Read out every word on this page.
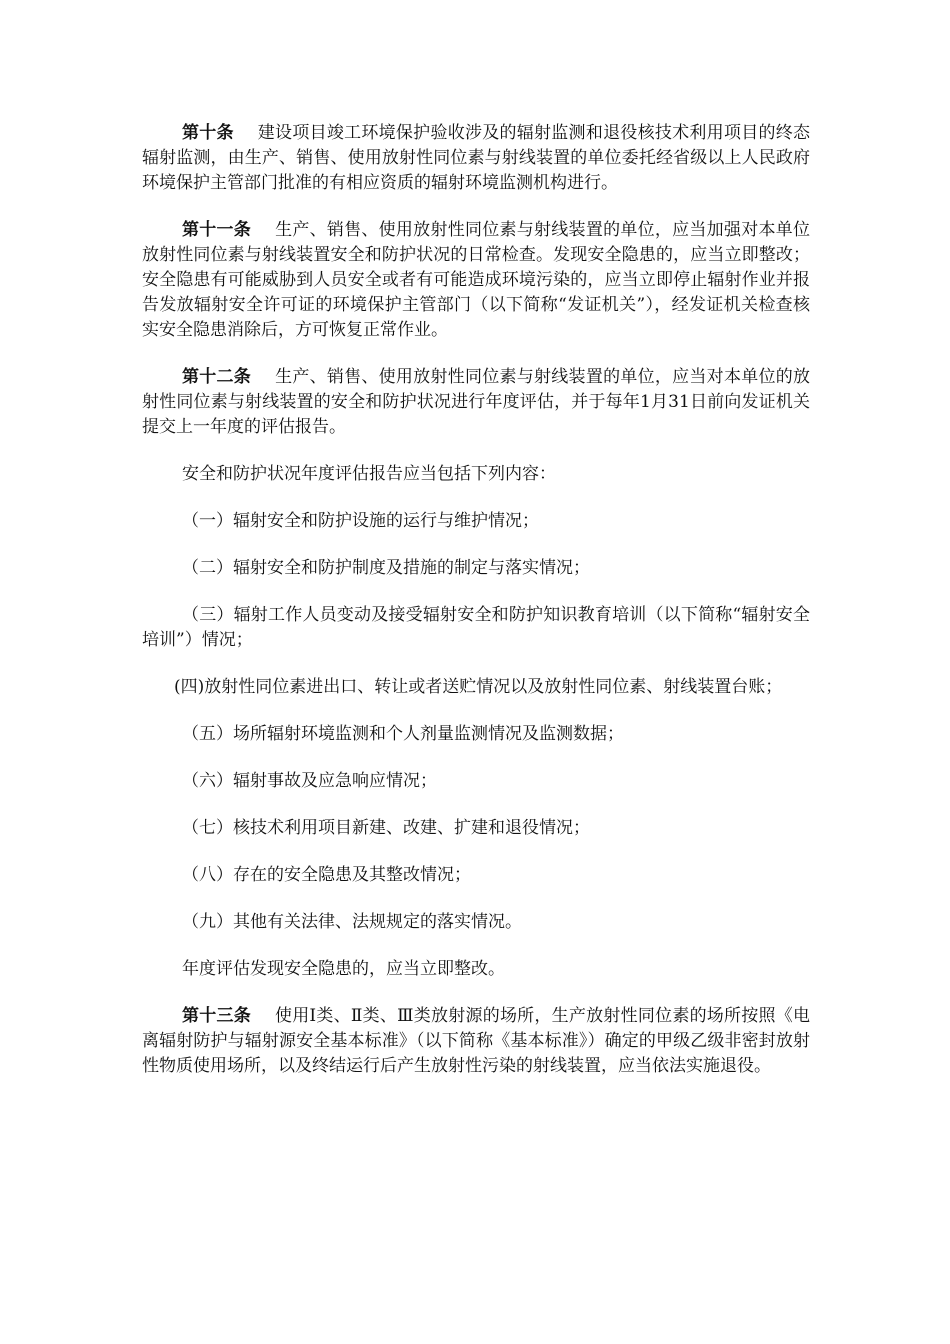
第十条 建设项目竣工环境保护验收涉及的辐射监测和退役核技术利用项目的终态辐射监测，由生产、销售、使用放射性同位素与射线装置的单位委托经省级以上人民政府环境保护主管部门批准的有相应资质的辐射环境监测机构进行。

第十一条 生产、销售、使用放射性同位素与射线装置的单位，应当加强对本单位放射性同位素与射线装置安全和防护状况的日常检查。发现安全隐患的，应当立即整改；安全隐患有可能威胁到人员安全或者有可能造成环境污染的，应当立即停止辐射作业并报告发放辐射安全许可证的环境保护主管部门（以下简称“发证机关”），经发证机关检查核实安全隐患消除后，方可恢复正常作业。

第十二条 生产、销售、使用放射性同位素与射线装置的单位，应当对本单位的放射性同位素与射线装置的安全和防护状况进行年度评估，并于每年1月31日前向发证机关提交上一年度的评估报告。

安全和防护状况年度评估报告应当包括下列内容：

（一）辐射安全和防护设施的运行与维护情况；

（二）辐射安全和防护制度及措施的制定与落实情况；

（三）辐射工作人员变动及接受辐射安全和防护知识教育培训（以下简称“辐射安全培训”）情况；

(四)放射性同位素进出口、转让或者送贮情况以及放射性同位素、射线装置台账；

（五）场所辐射环境监测和个人剂量监测情况及监测数据；

（六）辐射事故及应急响应情况；

（七）核技术利用项目新建、改建、扩建和退役情况；

（八）存在的安全隐患及其整改情况；

（九）其他有关法律、法规规定的落实情况。

年度评估发现安全隐患的，应当立即整改。

第十三条 使用Ⅰ类、Ⅱ类、Ⅲ类放射源的场所，生产放射性同位素的场所按照《电离辐射防护与辐射源安全基本标准》（以下简称《基本标准》）确定的甲级乙级非密封放射性物质使用场所，以及终结运行后产生放射性污染的射线装置，应当依法实施退役。
